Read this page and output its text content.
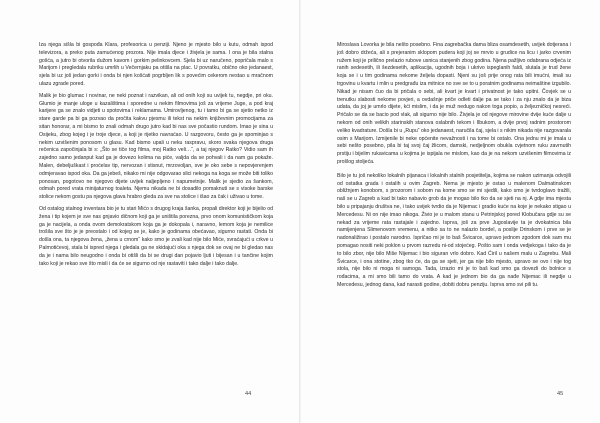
Iza njega sišla bi gospođa Klara, profesorica u penziji. Njeno je mjesto bilo u kutu, odmah ispod televizora, a preko puta zamućenog prozora. Nije imala djece i živjela je sama. I ona je bila stalna gošća, a jutro bi otvorila dužom kavom i gorkim pelinkovcem. Sjela bi uz naručeno, popričala malo s Marijom i pregledala rubriku umrlih u Večernjaku pa otišla na plac. U povratku, obično oko jedanaest, sjela bi uz još jedan gorki i onda bi njen košćati pogrbljen lik s povećim cekerom nestao u mračnom ulazu zgrade pored.

Malik je bio glumac i novinar, ne neki poznat i razvikan, ali od onih koji su uvijek tu, negdje, pri oku. Glumio je manje uloge u kazalištima i sporedne u nekim filmovima još za vrijeme Juge, a pod kraj karijere ga se znalo vidjeti u spotovima i reklamama. Umirovljenog, tu i tamo bi ga se sjetio netko iz stare garde pa bi ga pozvao da pročita kakvu pjesmu ili tekst na nekim književnim promocijama za sitan honorar, a mi bismo to znali odmah drugo jutro kad bi nas sve počastio rundom. Imao je sina u Osijeku, zbog kojeg i je troje djece, a koji je rijetko navraćao. U razgovoru, često ga je spominjao s nekim uzvišenim ponosom u glasu. Kad bismo upali u neku raspravu, skoro svaka njegova druga rečenica započinjala bi s: „Što se tiče tog filma, moj Ratko veli…“, a taj njegov Ratko? Vidio sam ih zajedno samo jedanput kad ga je dovezo kolima na piće, valjda da se pohvali i da nam ga pokaže. Malen, debeljuškast i proćelav tip, nervozan i stisnut, mrzovoljan, sve je oko sebe s nepovjerenjem odmjeravao ispod oka. Da ga jebeš, nikako mi nije odgovarao slici nekoga na koga se može biti toliko ponosan, pogotovo ne njegovo dijete uvijek naljepljeno i napumetnije. Malik je sjedio za šankom, odmah pored vrata minijaturnog toaleta. Njemu nikada ne bi dosadilo pomaknuti se s visoke barske stolice nekom gostu pa njegova glava hrabro gleda za sve na stolice i išao za čak i uživao u tome.

Od ostalog stalnog inventara bio je tu stari Mićo s drugog kraja šanka, propali direktor koji je bijelio od žena i tip kojem je sve nas gnjavio dičnom koji ga je uništila porezna, prvo onom komunističkom koja ga je nacijela, a onda ovom demokratskom koja ga je dokopala i, naravno, lemom koja je nemilice trošila sve što je je preostalo i od kojeg se je, kako je godinama obećavao, sigurno rastati. Onda bi došla ona, ta njegova žena, „žena u crnom“ kako smo je zvali kad nije bilo Miće, svraćajući u crkve u Palmotićevoj, stala bi ispred njega i gledala ga ne skidajući oka s njega dok se ovaj ne bi gledao nas da je i nama bilo neugodno i onda bi otišli da bi se drugi dan pojavio ljuti i bijesan i u tančine kojim tako koji je rekao sve što misli i da će se sigurno od nje rastaviti i tako dalje i tako dalje.

44

Miroslava Lovorka je bila nešto posebno. Fina zagrebačka dama bliza osamdesetih, uvijek dotjerana i još dobro držeća, ali s prejeranim sklopom pudera koji joj se mrvio u grudice na licu i jarko crvenim ružem koji je prilično prelazio rubove usnica stanjenih zbog godina. Njena pažljivo odabrana odjeća iz ranih sedesetih, ili šezdesetih, aplikacija, ugodnih boja i ukrivo ispeglanih faldi, slutala je trud žene koja se i u tim godinama nekome željela dopasti. Njeni su još prije onog rata bili imućni, imali su trgovinu u kvartu i mlin u predgrađu iza mitnice no sve se to u poratnim godinama neimaštine izgubilo. Nikad je nisam čuo da bi pričala o sebi, ali kvart je kvart i privatnost je tako upitni. Čovjek se u trenutku slabosti nekome povjeri, a ovdašnje priče odleti dalje pa se tako i za nju znalo da je biza udata, da joj je umrlo dijete, kći mislim, i da je muž nedugo nakon toga popio, a željezničkoj nesreći. Pričalo se da se bacio pod vlak, ali sigurno nije bilo. Živjela je od njegove mirovine dvije kuće dalje u nekom od onih velikih starinskih stanova oslabnih tekom i Ilbukom, a dvije prvoj radnim prostorom veliko kvadrature. Došla bi u „Rupu“ oko jedanaest, naručila čaj, sjela i s nikim nikada nije razgovarala osim s Marijom. Izmijenile bi neke općenite nevažnosti i na tome bi ostalo. Ona jednu mi je imala u sebi nešto posebno, pila bi taj svoj čaj žlicom, damski, nedjeljnom obukla cvjetnom ruku zavrnutih prstiju i bijelim rukavicama u kojima je ispijala ne mislom, kao da je na nekom uzvišenim filmovima iz prošlog stoljeća.

Bilo je tu još nekoliko lokalnih pijanaca i lokalnih stalnih posjetitelja, kojima se nakon uzimanja odvojili od ostatka grada i ostalih u ovim Zagreb. Nema je mjesto je ostao u malenom Dalmatinskom obližnjem konobom, s prozorom i sobom na kome smo se mi sjedili, kako smo je tvrdoglavo tražili, naš se u Zagreb a kad bi tako nabavio grob da je mogao bilo tko da se sjeti na nj. A gdje ima mjesta bilo u pripajanju društva ne, i tako uvijek tvrdio da je Nijemac i gradio kuće na koje je nekako stigao u Mercedesu. Ni on nije imao nikoga. Živio je u malom stanu u Petrinjskoj pored Klobučara gdje su se nekad za vrijeme rata rastajale i zajedno. Isprva, još za prve Jugoslavije ta je dvokatnica bila namijenjena Slimenovom vremenu, a nitko sa to ne nalazio bordel, a poslije Drinskom i prve se je nadonaližirao i postalo narodno. Ispričao mi je to baš Švicarce, upravo jednom zgodom dok sam mu pomagao nositi neki poklon u prvom razredu ni-od stojećeg. Pošto sam i onda vedjekoga i tako da je to bilo zbor, nije bilo Miše Nijemac i bio siguran vrlo dobro. Kad Ćiril u našem malu u Zagrebu. Mali Švicarce, i ona stotine, zbog tko će, da ga se sjeti, jer ga nije bilo mjesto, upravo se ovo i nije tog stola, nije bilo ni moga ni samoga. Tada, izrazio mi je to baš kad smo ga dovezli do bolnice s rođacima, a mi smo bili tamo do vrata. A kad je jednom bio da ga nađe Nijemac ili negdje u Mercedesu, jednog dana, kad narasti godine, dobiti dobru penziju. Isprva smo svi pili tu.

45
